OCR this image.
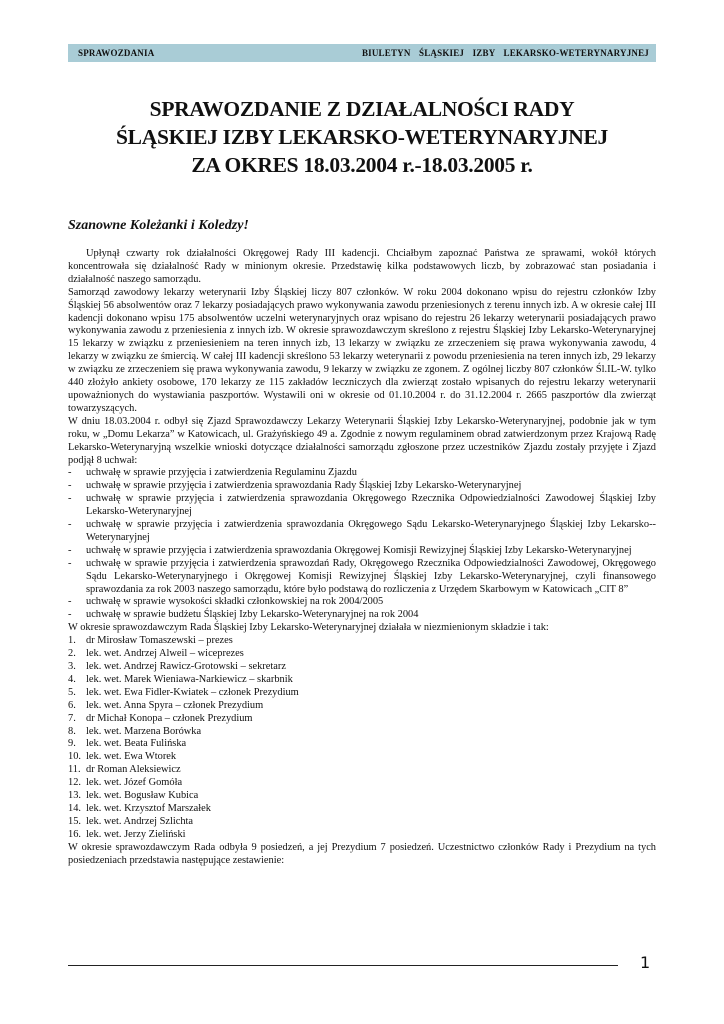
SPRAWOZDANIA	BIULETYN ŚLĄSKIEJ IZBY LEKARSKO-WETERYNARYJNEJ
SPRAWOZDANIE Z DZIAŁALNOŚCI RADY
ŚLĄSKIEJ IZBY LEKARSKO-WETERYNARYJNEJ
ZA OKRES 18.03.2004 r.-18.03.2005 r.
Szanowne Koleżanki i Koledzy!

Upłynął czwarty rok działalności Okręgowej Rady III kadencji. Chciałbym zapoznać Państwa ze sprawami, wokół których koncentrowała się działalność Rady w minionym okresie. Przedstawię kilka podstawowych liczb, by zobrazować stan posiadania i działalność naszego samorządu.

Samorząd zawodowy lekarzy weterynarii Izby Śląskiej liczy 807 członków. W roku 2004 dokonano wpisu do rejestru członków Izby Śląskiej 56 absolwentów oraz 7 lekarzy posiadających prawo wykonywania zawodu przeniesionych z terenu innych izb. A w okresie całej III kadencji dokonano wpisu 175 absolwentów uczelni weterynaryjnych oraz wpisano do rejestru 26 lekarzy weterynarii posiadających prawo wykonywania zawodu z przeniesienia z innych izb. W okresie sprawozdawczym skreślono z rejestru Śląskiej Izby Lekarsko-Weterynaryjnej 15 lekarzy w związku z przeniesieniem na teren innych izb, 13 lekarzy w związku ze zrzeczeniem się prawa wykonywania zawodu, 4 lekarzy w związku ze śmiercią. W całej III kadencji skreślono 53 lekarzy weterynarii z powodu przeniesienia na teren innych izb, 29 lekarzy w związku ze zrzeczeniem się prawa wykonywania zawodu, 9 lekarzy w związku ze zgonem. Z ogólnej liczby 807 członków Śl.IL-W. tylko 440 złożyło ankiety osobowe, 170 lekarzy ze 115 zakładów leczniczych dla zwierząt zostało wpisanych do rejestru lekarzy weterynarii upoważnionych do wystawiania paszportów. Wystawili oni w okresie od 01.10.2004 r. do 31.12.2004 r. 2665 paszportów dla zwierząt towarzyszących.

W dniu 18.03.2004 r. odbył się Zjazd Sprawozdawczy Lekarzy Weterynarii Śląskiej Izby Lekarsko-Weterynaryjnej, podobnie jak w tym roku, w „Domu Lekarza” w Katowicach, ul. Grażyńskiego 49 a. Zgodnie z nowym regulaminem obrad zatwierdzonym przez Krajową Radę Lekarsko-Weterynaryjną wszelkie wnioski dotyczące działalności samorządu zgłoszone przez uczestników Zjazdu zostały przyjęte i Zjazd podjął 8 uchwał:

- uchwałę w sprawie przyjęcia i zatwierdzenia Regulaminu Zjazdu
- uchwałę w sprawie przyjęcia i zatwierdzenia sprawozdania Rady Śląskiej Izby Lekarsko-Weterynaryjnej
- uchwałę w sprawie przyjęcia i zatwierdzenia sprawozdania Okręgowego Rzecznika Odpowiedzialności Zawodowej Śląskiej Izby Lekarsko-Weterynaryjnej
- uchwałę w sprawie przyjęcia i zatwierdzenia sprawozdania Okręgowego Sądu Lekarsko-Weterynaryjnego Śląskiej Izby Lekarsko--Weterynaryjnej
- uchwałę w sprawie przyjęcia i zatwierdzenia sprawozdania Okręgowej Komisji Rewizyjnej Śląskiej Izby Lekarsko-Weterynaryjnej
- uchwałę w sprawie przyjęcia i zatwierdzenia sprawozdań Rady, Okręgowego Rzecznika Odpowiedzialności Zawodowej, Okręgowego Sądu Lekarsko-Weterynaryjnego i Okręgowej Komisji Rewizyjnej Śląskiej Izby Lekarsko-Weterynaryjnej, czyli finansowego sprawozdania za rok 2003 naszego samorządu, które było podstawą do rozliczenia z Urzędem Skarbowym w Katowicach „CIT 8”
- uchwałę w sprawie wysokości składki członkowskiej na rok 2004/2005
- uchwałę w sprawie budżetu Śląskiej Izby Lekarsko-Weterynaryjnej na rok 2004

W okresie sprawozdawczym Rada Śląskiej Izby Lekarsko-Weterynaryjnej działała w niezmienionym składzie i tak:

1. dr Mirosław Tomaszewski – prezes
2. lek. wet. Andrzej Alweil – wiceprezes
3. lek. wet. Andrzej Rawicz-Grotowski – sekretarz
4. lek. wet. Marek Wieniawa-Narkiewicz – skarbnik
5. lek. wet. Ewa Fidler-Kwiatek – członek Prezydium
6. lek. wet. Anna Spyra – członek Prezydium
7. dr Michał Konopa – członek Prezydium
8. lek. wet. Marzena Borówka
9. lek. wet. Beata Fulińska
10. lek. wet. Ewa Wtorek
11. dr Roman Aleksiewicz
12. lek. wet. Józef Gomóła
13. lek. wet. Bogusław Kubica
14. lek. wet. Krzysztof Marszałek
15. lek. wet. Andrzej Szlichta
16. lek. wet. Jerzy Zieliński

W okresie sprawozdawczym Rada odbyła 9 posiedzeń, a jej Prezydium 7 posiedzeń. Uczestnictwo członków Rady i Prezydium na tych posiedzeniach przedstawia następujące zestawienie:

1
